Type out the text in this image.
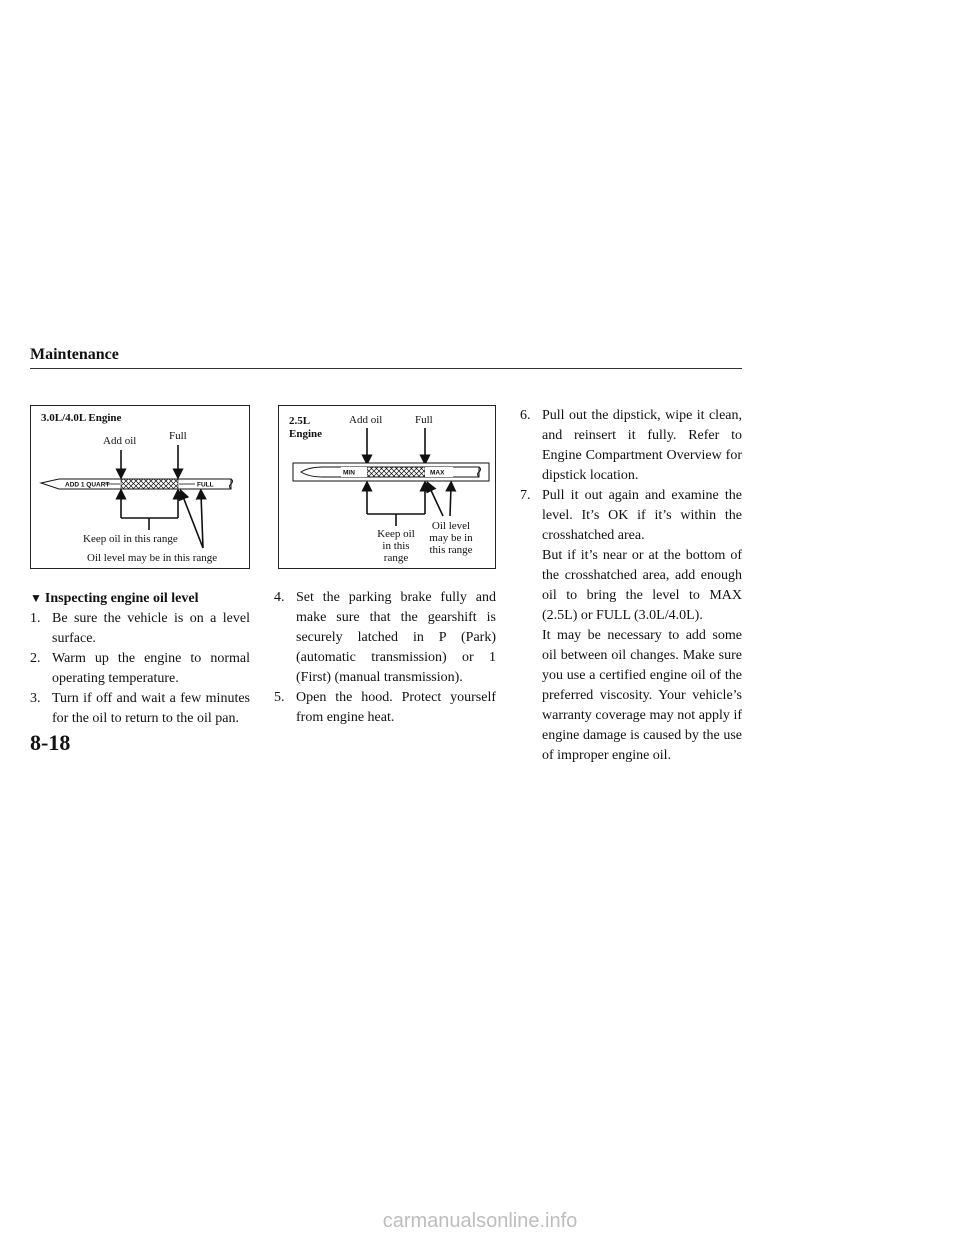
Maintenance
3.0L/4.0L Engine
Add oil	Full
ADD 1 QUART	FULL
Keep oil in this range
Oil level may be in this range
2.5L
Engine
Add oil	Full
MIN	MAX
Keep oil
in this
range
Oil level
may be in
this range

▼ Inspecting engine oil level

1. Be sure the vehicle is on a level surface.

2. Warm up the engine to normal operating temperature.

3. Turn if off and wait a few minutes for the oil to return to the oil pan.

4. Set the parking brake fully and make sure that the gearshift is securely latched in P (Park) (automatic transmission) or 1 (First) (manual transmission).

5. Open the hood. Protect yourself from engine heat.

6. Pull out the dipstick, wipe it clean, and reinsert it fully. Refer to Engine Compartment Overview for dipstick location.

7. Pull it out again and examine the level. It’s OK if it’s within the crosshatched area.

But if it’s near or at the bottom of the crosshatched area, add enough oil to bring the level to MAX (2.5L) or FULL (3.0L/4.0L).

It may be necessary to add some oil between oil changes. Make sure you use a certified engine oil of the preferred viscosity. Your vehicle’s warranty coverage may not apply if engine damage is caused by the use of improper engine oil.

8-18
carmanualsonline.info
